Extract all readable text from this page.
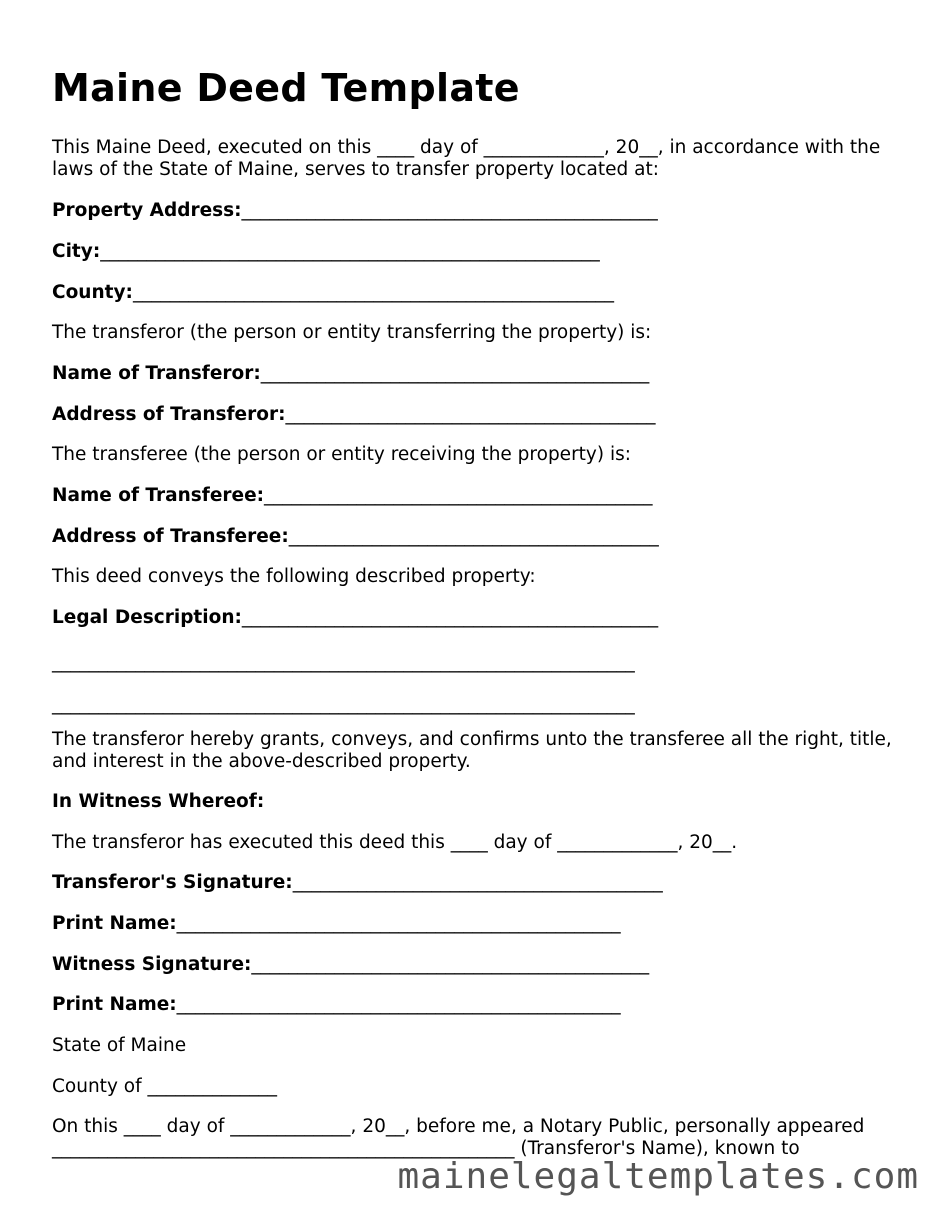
Maine Deed Template

This Maine Deed, executed on this ____ day of _____________, 20__, in accordance with the laws of the State of Maine, serves to transfer property located at:

Property Address:_____________________________________________

City:______________________________________________________

County:____________________________________________________

The transferor (the person or entity transferring the property) is:

Name of Transferor:__________________________________________

Address of Transferor:________________________________________

The transferee (the person or entity receiving the property) is:

Name of Transferee:__________________________________________

Address of Transferee:________________________________________

This deed conveys the following described property:

Legal Description:_____________________________________________

_______________________________________________________________

_______________________________________________________________

The transferor hereby grants, conveys, and confirms unto the transferee all the right, title, and interest in the above-described property.

In Witness Whereof:

The transferor has executed this deed this ____ day of _____________, 20__.

Transferor's Signature:________________________________________

Print Name:________________________________________________

Witness Signature:___________________________________________

Print Name:________________________________________________

State of Maine

County of ______________

On this ____ day of _____________, 20__, before me, a Notary Public, personally appeared

__________________________________________________ (Transferor's Name), known to

mainelegaltemplates.com
